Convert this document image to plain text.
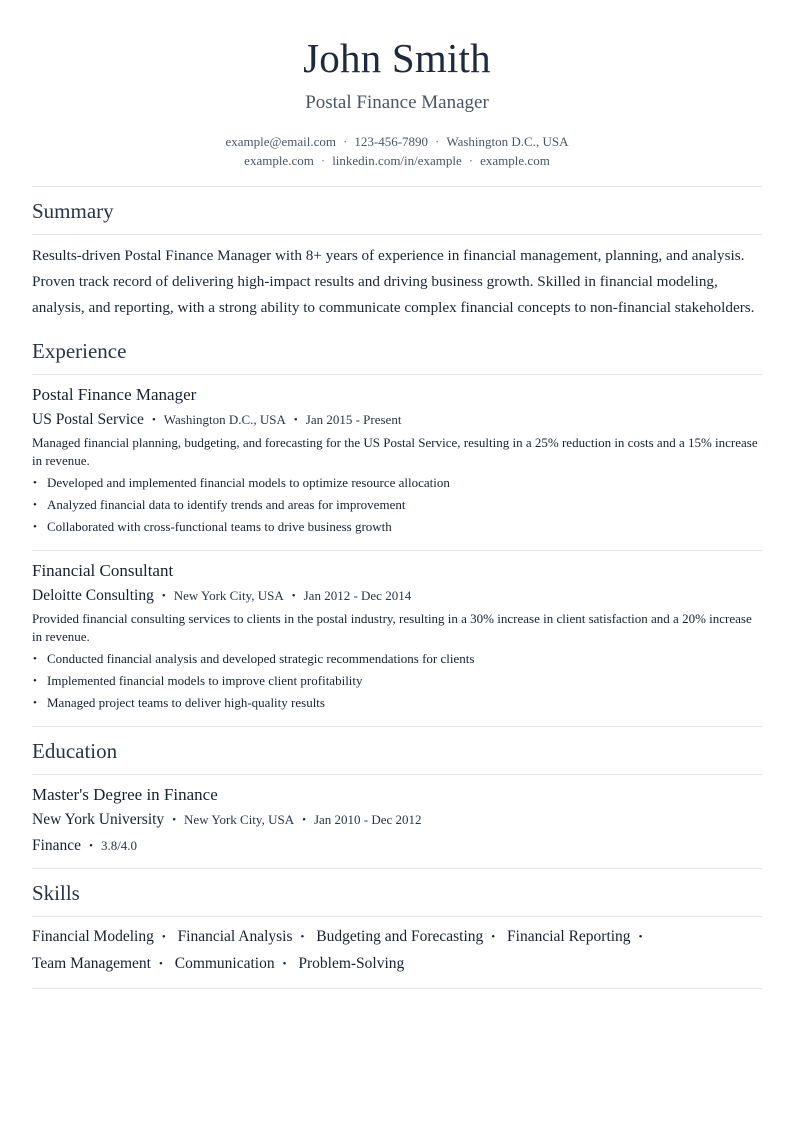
John Smith
Postal Finance Manager
example@email.com · 123-456-7890 · Washington D.C., USA
example.com · linkedin.com/in/example · example.com
Summary

Results-driven Postal Finance Manager with 8+ years of experience in financial management, planning, and analysis. Proven track record of delivering high-impact results and driving business growth. Skilled in financial modeling, analysis, and reporting, with a strong ability to communicate complex financial concepts to non-financial stakeholders.

Experience
Postal Finance Manager
US Postal Service • Washington D.C., USA • Jan 2015 - Present
Managed financial planning, budgeting, and forecasting for the US Postal Service, resulting in a 25% reduction in costs and a 15% increase in revenue.
• Developed and implemented financial models to optimize resource allocation
• Analyzed financial data to identify trends and areas for improvement
• Collaborated with cross-functional teams to drive business growth
Financial Consultant
Deloitte Consulting • New York City, USA • Jan 2012 - Dec 2014
Provided financial consulting services to clients in the postal industry, resulting in a 30% increase in client satisfaction and a 20% increase in revenue.
• Conducted financial analysis and developed strategic recommendations for clients
• Implemented financial models to improve client profitability
• Managed project teams to deliver high-quality results
Education
Master's Degree in Finance
New York University • New York City, USA • Jan 2010 - Dec 2012
Finance • 3.8/4.0
Skills
Financial Modeling • Financial Analysis • Budgeting and Forecasting • Financial Reporting • Team Management • Communication • Problem-Solving
